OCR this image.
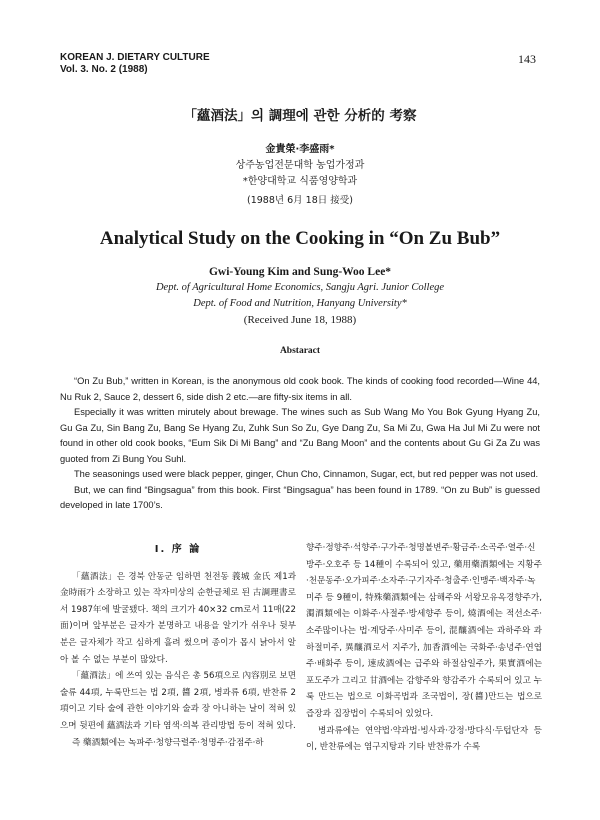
KOREAN J. DIETARY CULTURE
Vol. 3. No. 2 (1988)
143
「蘊酒法」의 調理에 관한 分析的 考察
金貴榮·李盛雨*
상주농업전문대학 농업가정과
*한양대학교 식품영양학과
(1988년 6月 18日 接受)
Analytical Study on the Cooking in “On Zu Bub”
Gwi-Young Kim and Sung-Woo Lee*
Dept. of Agricultural Home Economics, Sangju Agri. Junior College
Dept. of Food and Nutrition, Hanyang University*
(Received June 18, 1988)
Abstaract

“On Zu Bub,” written in Korean, is the anonymous old cook book. The kinds of cooking food recorded—Wine 44, Nu Ruk 2, Sauce 2, dessert 6, side dish 2 etc.—are fifty-six items in all.

Especially it was written mirutely about brewage. The wines such as Sub Wang Mo You Bok Gyung Hyang Zu, Gu Ga Zu, Sin Bang Zu, Bang Se Hyang Zu, Zuhk Sun So Zu, Gye Dang Zu, Sa Mi Zu, Gwa Ha Jul Mi Zu were not found in other old cook books, “Eum Sik Di Mi Bang” and “Zu Bang Moon” and the contents about Gu Gi Za Zu was guoted from Zi Bung You Suhl.

The seasonings used were black pepper, ginger, Chun Cho, Cinnamon, Sugar, ect, but red pepper was not used.

But, we can find “Bingsagua” from this book. First “Bingsagua” has been found in 1789. “On zu Bub” is guessed developed in late 1700’s.

I. 序 論

「蘊酒法」은 경북 안동군 임하면 천전동 義城 金氏 제1과 金時雨가 소장하고 있는 작자미상의 순한글체로 된 古調理書로서 1987年에 발굴됐다. 책의 크기가 40×32 cm로서 11매(22面)이며 앞부분은 글자가 분명하고 내용을 알기가 쉬우나 뒷부분은 글자체가 작고 심하게 흘려 썼으며 종이가 몹시 낡아서 알아 볼 수 없는 부분이 많았다.

「蘊酒法」에 쓰여 있는 음식은 총 56項으로 內容別로 보면 술류 44項, 누룩만드는 법 2項, 醬 2項, 병과류 6項, 반찬류 2項이고 기타 술에 관한 이야기와 술과 장 아니하는 날이 적혀 있으며 뒷편에 蘊酒法과 기타 염색·의복 관리방법 등이 적혀 있다.

즉 藥酒類에는 녹파주·청향극렬주·청명주·감점주·하

향주·정향주·석향주·구가주·청명볼변주·황금주·소곡주·열주·신방주·오호주 등 14種이 수록되어 있고, 藥用藥酒類에는 지황주·천문동주·오가피주·소자주·구기자주·청출주·인맹주·백자주·녹미주 등 9種이, 特殊藥酒類에는 삼해주와 서왕모유옥경향주가, 濁酒類에는 이화주·사절주·방세향주 등이, 燒酒에는 적선소주·소주많이나는 법·계당주·사미주 등이, 混釀酒에는 과하주와 과하절미주, 異釀酒로서 지주가, 加香酒에는 국화주·송녕주·연엽주·배화주 등이, 速成酒에는 급주와 하절삼일주가, 果實酒에는 포도주가 그리고 甘酒에는 감향주와 향감주가 수록되어 있고 누룩 만드는 법으로 이화곡법과 조국법이, 장(醬)만드는 법으로 즙장과 집장법이 수록되어 있었다.

병과류에는 연약법·약과법·빙사과·강정·방다식·두텁단자 등이, 반찬류에는 염구지탕과 기타 반찬류가 수록
